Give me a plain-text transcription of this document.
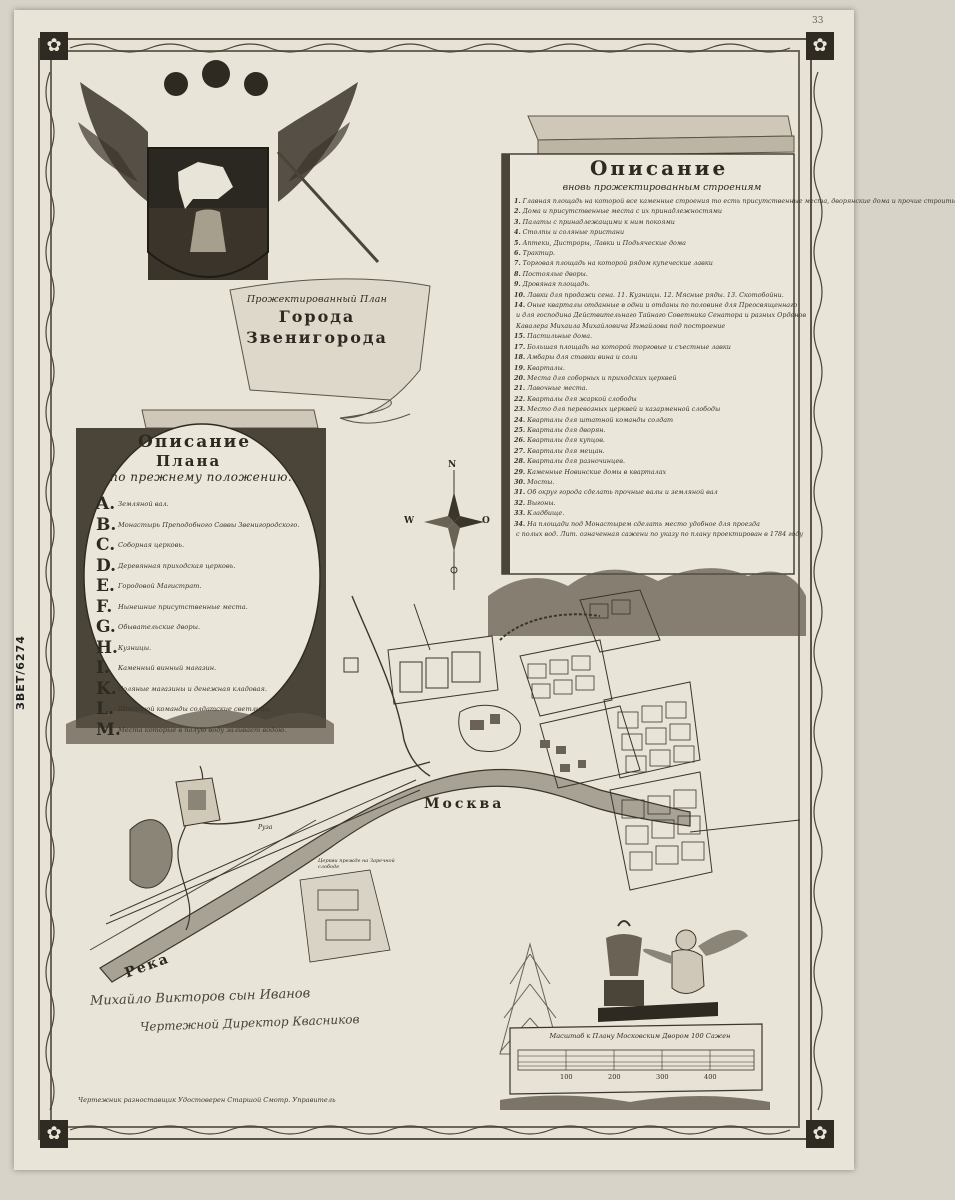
33
✿	✿
✿	✿
ЗВЕТ/6274
Прожектированный План
Города
Звенигорода
Описание
вновь прожектированным строениям
1. Главная площадь на которой все каменные строения то есть присутственные места, дворянские дома и прочие строить
2. Дома и присутственные места с их принадлежностями
3. Палаты с принадлежащими к ним покоями
4. Столпы и соляные пристани
5. Аптеки, Дистроры, Лавки и Подьяческие дома
6. Трактир.
7. Торговая площадь на которой рядом купеческие лавки
8. Постоялые дворы.
9. Дровяная площадь.
10. Лавки для продажи сена. 11. Кузницы. 12. Мясные ряды. 13. Скотобойни.
14. Оные кварталы отданные в одни и отданы по половине для Преосвященнаго
и для господина Действительнаго Тайнаго Советника Сенатора и разных Орденов
Кавалера Михаила Михайловича Измайлова под построение
15. Пастильные дома.
17. Большая площадь на которой торговые и съестные лавки
18. Амбары для ставки вина и соли
19. Кварталы.
20. Места для соборных и приходских церквей
21. Лавочные места.
22. Кварталы для жаркой слободы
23. Место для перевозных церквей и казарменной слободы
24. Кварталы для штатной команды солдат
25. Кварталы для дворян.
26. Кварталы для купцов.
27. Кварталы для мещан.
28. Кварталы для разночинцев.
29. Каменные Новинские домы в кварталах
30. Мосты.
31. Об округ города сделать прочные валы и земляной вал
32. Выгоны.
33. Кладбище.
34. На площади под Монастырем сделать место удобное для проезда
с полых вод. Лит. означенная сажени по указу по плану проектирован в 1784 году
Описание
Плана
по прежнему положению.
A. Земляной вал.
B. Монастырь Преподобного Саввы Звенигородского.
C. Соборная церковь.
D. Деревянная приходская церковь.
E. Городовой Магистрат.
F. Нынешние присутственные места.
G. Обывательские дворы.
H.Кузницы.
I. Каменный винный магазин.
K.Соляные магазины и денежная кладовая.
L. Штатной команды солдатские светлицы.
M.Места которые в полую воду заливает водою.
N
W	O
Москва
Река
Руза
Церкви прежде на Заречной слободе
Масштаб к Плану Московским Двором 100 Сажен
100	200	300	400
Михайло Викторов сын Иванов
Чертежной Директор Квасников
Чертежник разноставщик Удостоверен Старшой Смотр. Управитель
